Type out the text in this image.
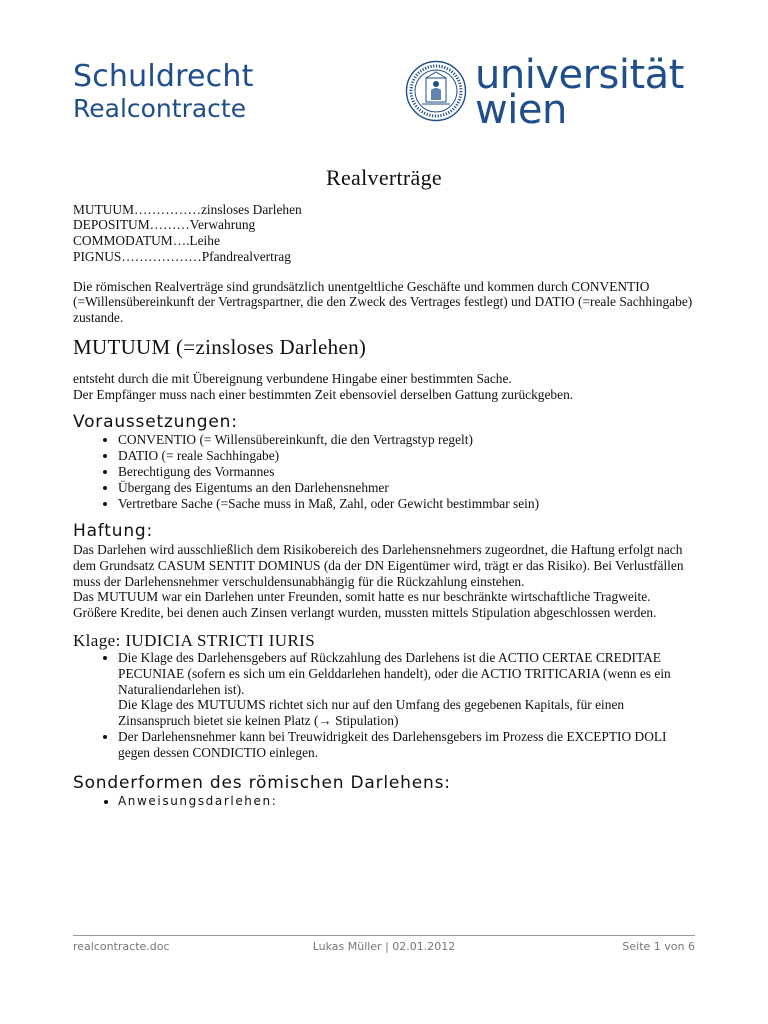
Schuldrecht
Realcontracte
universität
wien
Realverträge
MUTUUM……………zinsloses Darlehen
DEPOSITUM………Verwahrung
COMMODATUM….Leihe
PIGNUS………………Pfandrealvertrag

Die römischen Realverträge sind grundsätzlich unentgeltliche Geschäfte und kommen durch CONVENTIO (=Willensübereinkunft der Vertragspartner, die den Zweck des Vertrages festlegt) und DATIO (=reale Sachhingabe) zustande.

MUTUUM (=zinsloses Darlehen)

entsteht durch die mit Übereignung verbundene Hingabe einer bestimmten Sache.

Der Empfänger muss nach einer bestimmten Zeit ebensoviel derselben Gattung zurückgeben.

Voraussetzungen:
• CONVENTIO (= Willensübereinkunft, die den Vertragstyp regelt)
• DATIO (= reale Sachhingabe)
• Berechtigung des Vormannes
• Übergang des Eigentums an den Darlehensnehmer
• Vertretbare Sache (=Sache muss in Maß, Zahl, oder Gewicht bestimmbar sein)
Haftung:

Das Darlehen wird ausschließlich dem Risikobereich des Darlehensnehmers zugeordnet, die Haftung erfolgt nach dem Grundsatz CASUM SENTIT DOMINUS (da der DN Eigentümer wird, trägt er das Risiko). Bei Verlustfällen muss der Darlehensnehmer verschuldensunabhängig für die Rückzahlung einstehen.

Das MUTUUM war ein Darlehen unter Freunden, somit hatte es nur beschränkte wirtschaftliche Tragweite. Größere Kredite, bei denen auch Zinsen verlangt wurden, mussten mittels Stipulation abgeschlossen werden.

Klage: IUDICIA STRICTI IURIS
• Die Klage des Darlehensgebers auf Rückzahlung des Darlehens ist die ACTIO CERTAE CREDITAE PECUNIAE (sofern es sich um ein Gelddarlehen handelt), oder die ACTIO TRITICARIA (wenn es ein Naturaliendarlehen ist).
Die Klage des MUTUUMS richtet sich nur auf den Umfang des gegebenen Kapitals, für einen Zinsanspruch bietet sie keinen Platz (→ Stipulation)
• Der Darlehensnehmer kann bei Treuwidrigkeit des Darlehensgebers im Prozess die EXCEPTIO DOLI gegen dessen CONDICTIO einlegen.
Sonderformen des römischen Darlehens:
• Anweisungsdarlehen:
realcontracte.doc	Lukas Müller | 02.01.2012	Seite 1 von 6
